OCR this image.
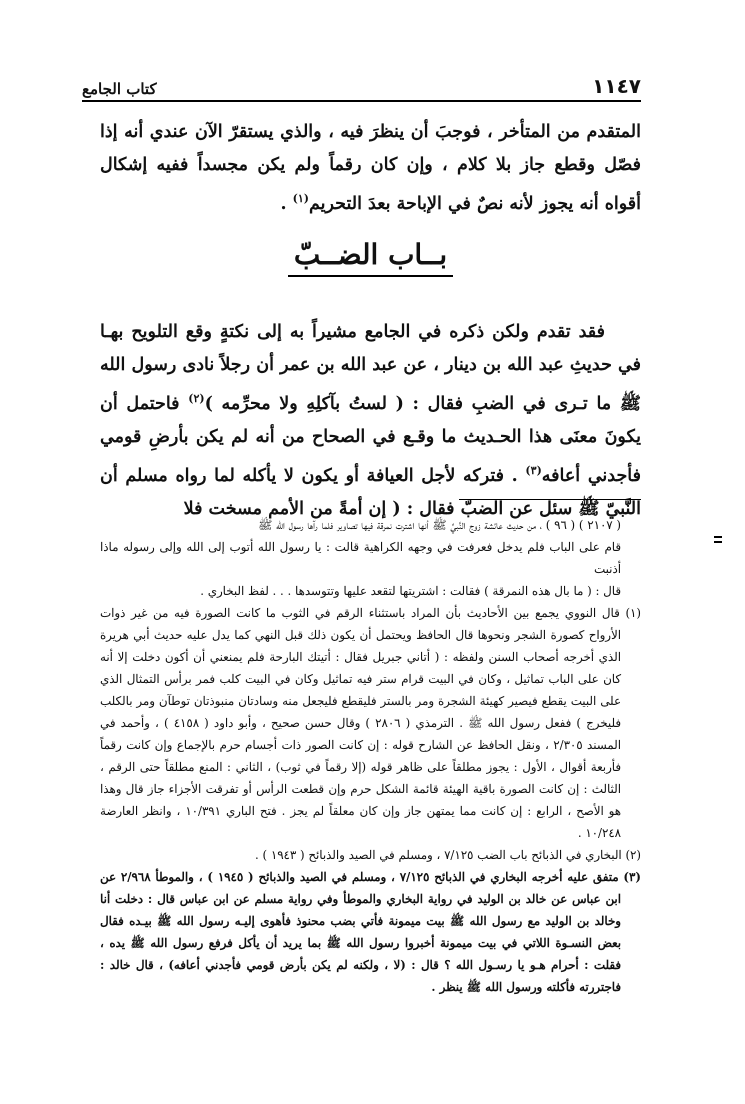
١١٤٧
كتاب الجامع

المتقدم من المتأخر ، فوجبَ أن ينظرَ فيه ، والذي يستقرّ الآن عندي أنه إذا فصّل وقطع جاز بلا كلام ، وإن كان رقماً ولم يكن مجسداً ففيه إشكال أقواه أنه يجوز لأنه نصٌ في الإباحة بعدَ التحريم$^{(١)}$ .

بــاب الضــبّ

فقد تقدم ولكن ذكره في الجامع مشيراً به إلى نكتةٍ وقع التلويح بهـا في حديثِ عبد الله بن دينار ، عن عبد الله بن عمر أن رجلاً نادى رسول الله ﷺ ما تـرى في الضبِ فقال : ( لستُ بآكلِهِ ولا محرِّمه )$^{(٢)}$ فاحتمل أن يكونَ معنَى هذا الحـديث ما وقـع في الصحاح من أنه لم يكن بأرضِ قومي فأجدني أعافه$^{(٣)}$ . فتركه لأجل العيافة أو يكون لا يأكله لما رواه مسلم أن النَّبيّ ﷺ سئل عن الضبّ فقال : ( إن أمةً من الأمم مسخت فلا

( ٢١٠٧ ) ( ٩٦ ) ، من حديث عائشة زوج النَّبيِّ ﷺ أنها اشترت نمرقة فيها تصاوير فلما رآها رسول الله ﷺ

قام على الباب فلم يدخل فعرفت في وجهه الكراهية قالت : يا رسول الله أتوب إلى الله وإلى رسوله ماذا أذنبت

قال : ( ما بال هذه النمرقة ) فقالت : اشتريتها لتقعد عليها وتتوسدها . . . لفظ البخاري .

(١) قال النووي يجمع بين الأحاديث بأن المراد باستثناء الرقم في الثوب ما كانت الصورة فيه من غير ذوات الأرواح كصورة الشجر ونحوها قال الحافظ ويحتمل أن يكون ذلك قبل النهي كما يدل عليه حديث أبي هريرة الذي أخرجه أصحاب السنن ولفظه : ( أتاني جبريل فقال : أتيتك البارحة فلم يمنعني أن أكون دخلت إلا أنه كان على الباب تماثيل ، وكان في البيت قرام ستر فيه تماثيل وكان في البيت كلب فمر برأس التمثال الذي على البيت يقطع فيصير كهيئة الشجرة ومر بالستر فليقطع فليجعل منه وسادتان منبوذتان توطآن ومر بالكلب فليخرج ) ففعل رسول الله ﷺ . الترمذي ( ٢٨٠٦ ) وقال حسن صحيح ، وأبو داود ( ٤١٥٨ ) ، وأحمد في المسند ٢/٣٠٥ ، ونقل الحافظ عن الشارح قوله : إن كانت الصور ذات أجسام حرم بالإجماع وإن كانت رقماً فأربعة أقوال ، الأول : يجوز مطلقاً على ظاهر قوله (إلا رقماً في ثوب) ، الثاني : المنع مطلقاً حتى الرقم ، الثالث : إن كانت الصورة باقية الهيئة قائمة الشكل حرم وإن قطعت الرأس أو تفرقت الأجزاء جاز قال وهذا هو الأصح ، الرابع : إن كانت مما يمتهن جاز وإن كان معلقاً لم يجز . فتح الباري ١٠/٣٩١ ، وانظر العارضة ١٠/٢٤٨ .

(٢) البخاري في الذبائح باب الضب ٧/١٢٥ ، ومسلم في الصيد والذبائح ( ١٩٤٣ ) .

(٣) متفق عليه أخرجه البخاري في الذبائح ٧/١٢٥ ، ومسلم في الصيد والذبائح ( ١٩٤٥ ) ، والموطأ ٢/٩٦٨ عن ابن عباس عن خالد بن الوليد في رواية البخاري والموطأ وفي رواية مسلم عن ابن عباس قال : دخلت أنا وخالد بن الوليد مع رسول الله ﷺ بيت ميمونة فأتي بضب محنوذ فأهوى إليـه رسول الله ﷺ بيـده فقال بعض النسـوة اللاتي في بيت ميمونة أخبروا رسول الله ﷺ بما يريد أن يأكل فرفع رسول الله ﷺ يده ، فقلت : أحرام هـو يا رسـول الله ؟ قال : (لا ، ولكنه لم يكن بأرض قومي فأجدني أعافه) ، قال خالد : فاجتررته فأكلته ورسول الله ﷺ ينظر .
